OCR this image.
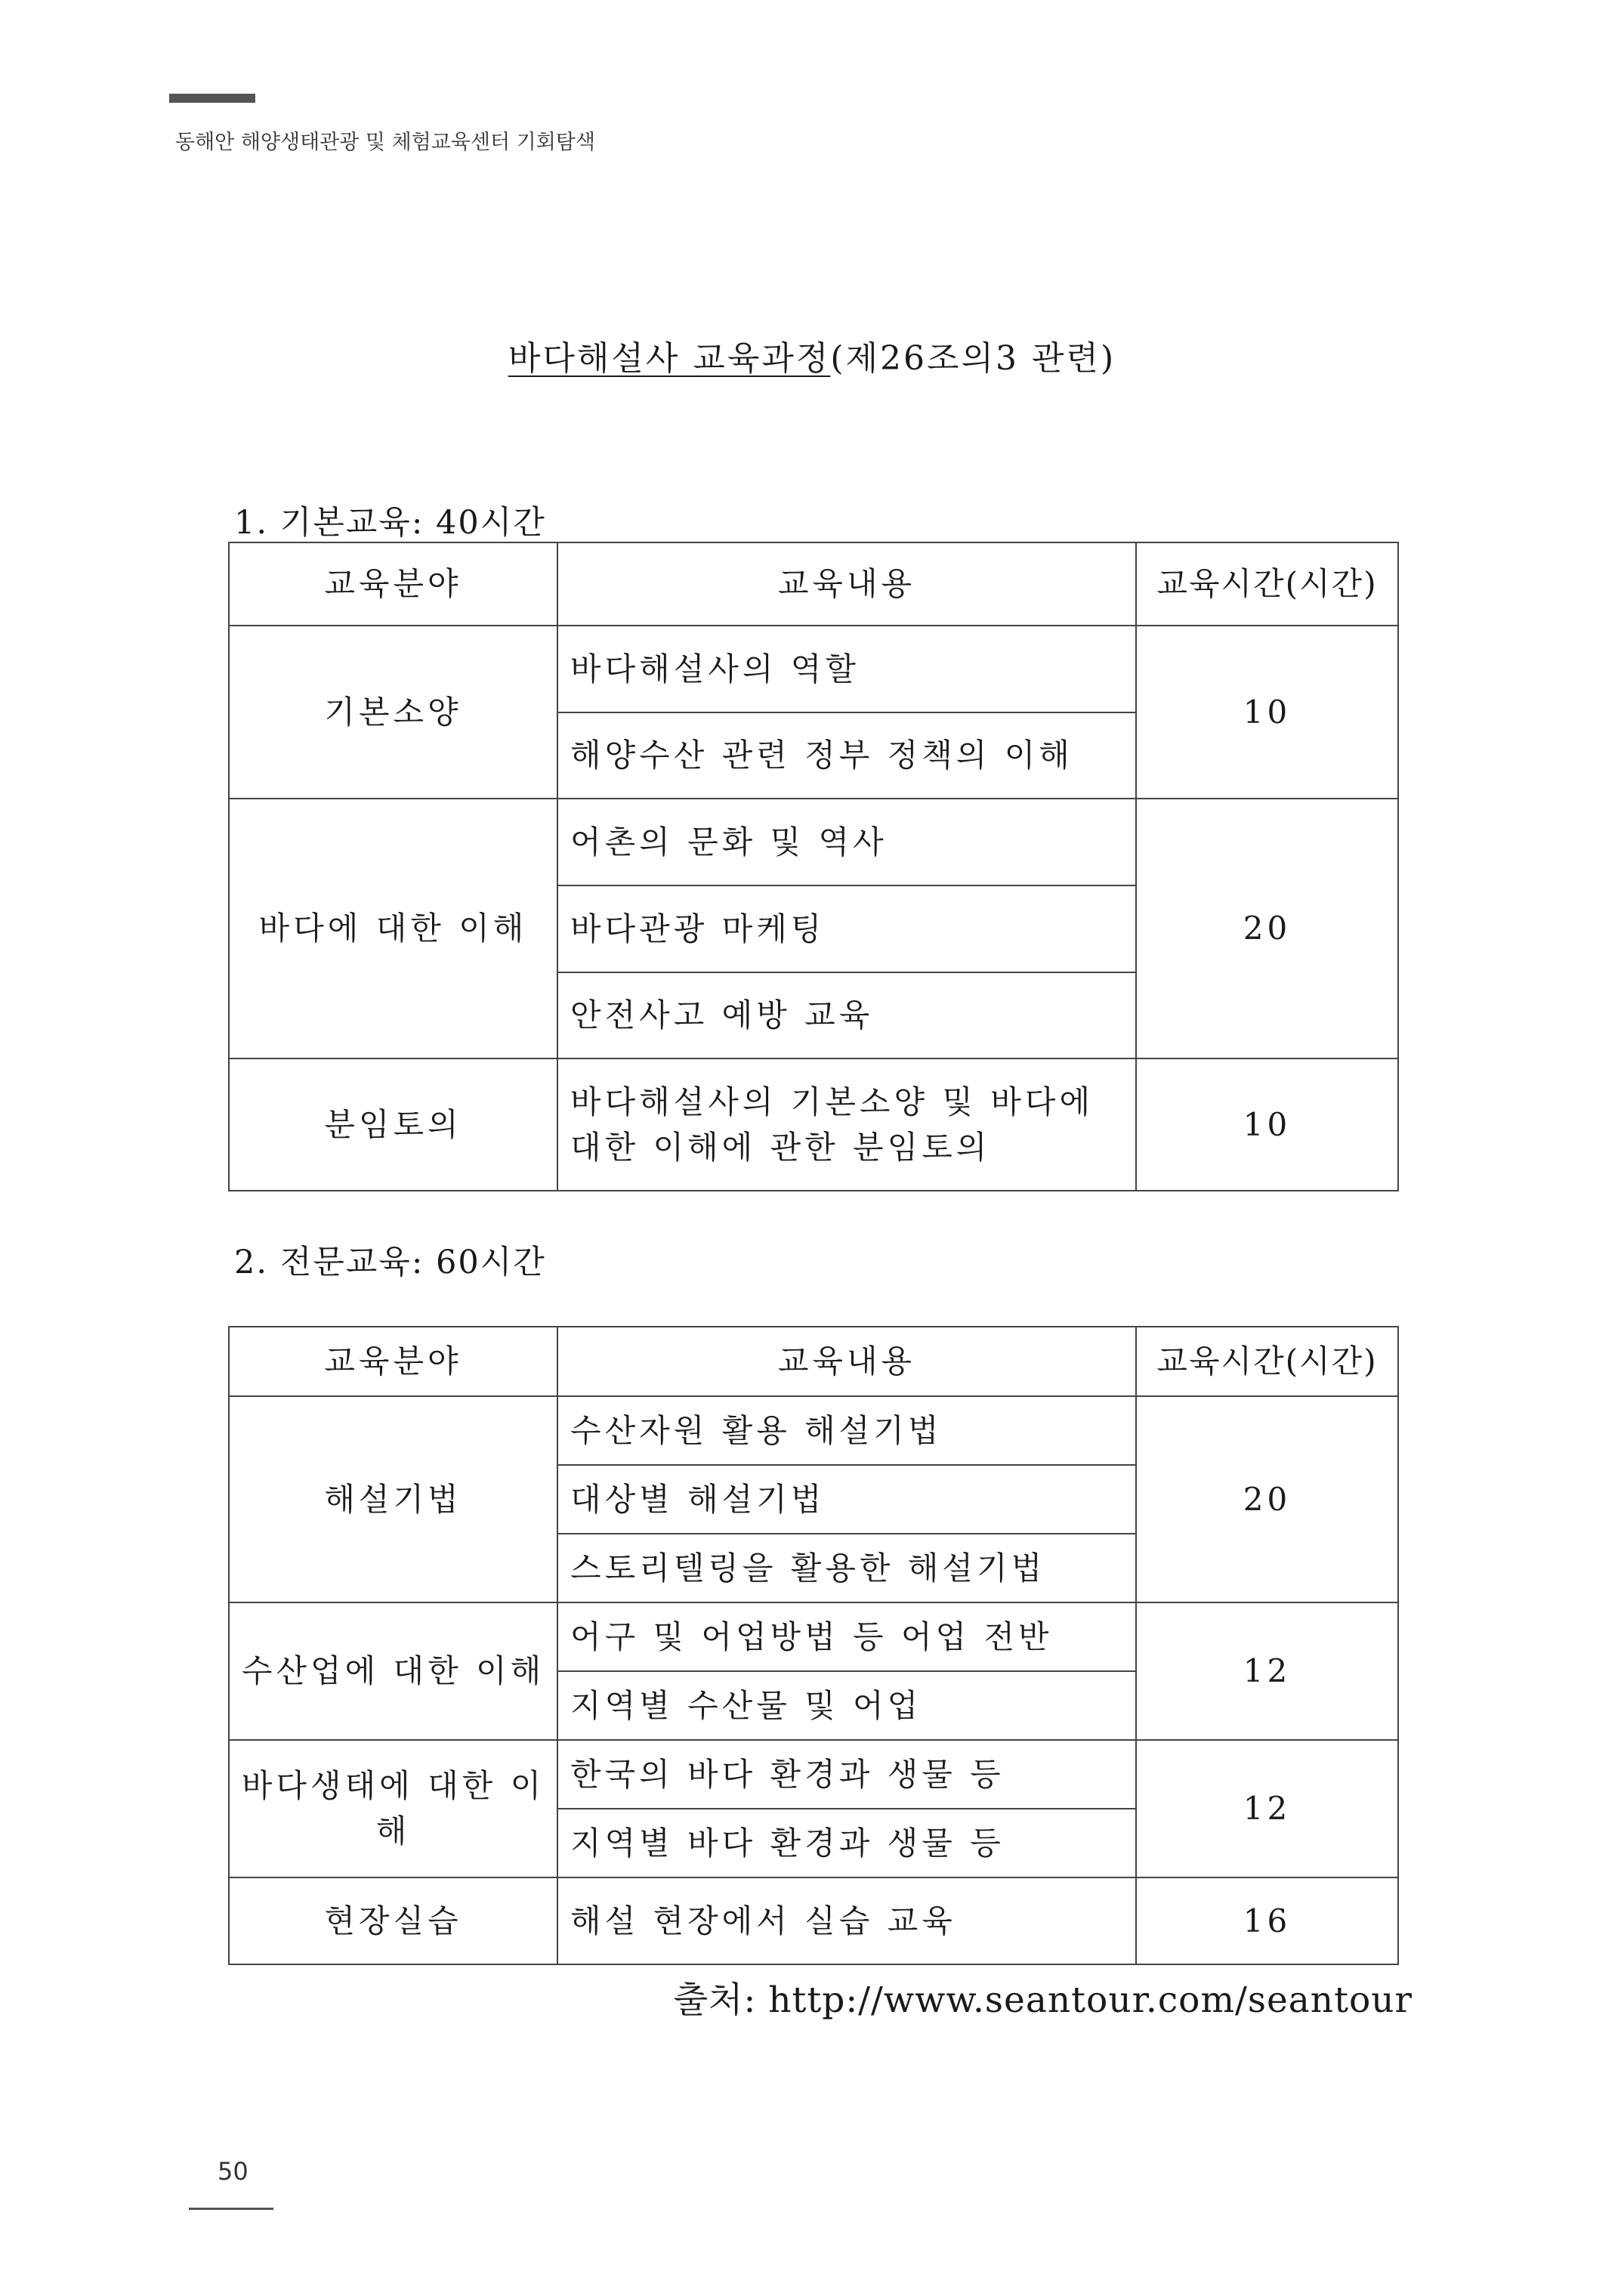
동해안 해양생태관광 및 체험교육센터 기회탐색
바다해설사 교육과정(제26조의3 관련)
1. 기본교육: 40시간
교육분야	교육내용	교육시간(시간)
기본소양	바다해설사의 역할	10
	해양수산 관련 정부 정책의 이해	
바다에 대한 이해	어촌의 문화 및 역사	20
	바다관광 마케팅	
	안전사고 예방 교육	
분임토의	바다해설사의 기본소양 및 바다에 대한 이해에 관한 분임토의	10
2. 전문교육: 60시간
교육분야	교육내용	교육시간(시간)
해설기법	수산자원 활용 해설기법	20
	대상별 해설기법	
	스토리텔링을 활용한 해설기법	
수산업에 대한 이해	어구 및 어업방법 등 어업 전반	12
	지역별 수산물 및 어업	
바다생태에 대한 이해	한국의 바다 환경과 생물 등	12
	지역별 바다 환경과 생물 등	
현장실습	해설 현장에서 실습 교육	16
출처: http://www.seantour.com/seantour
50
